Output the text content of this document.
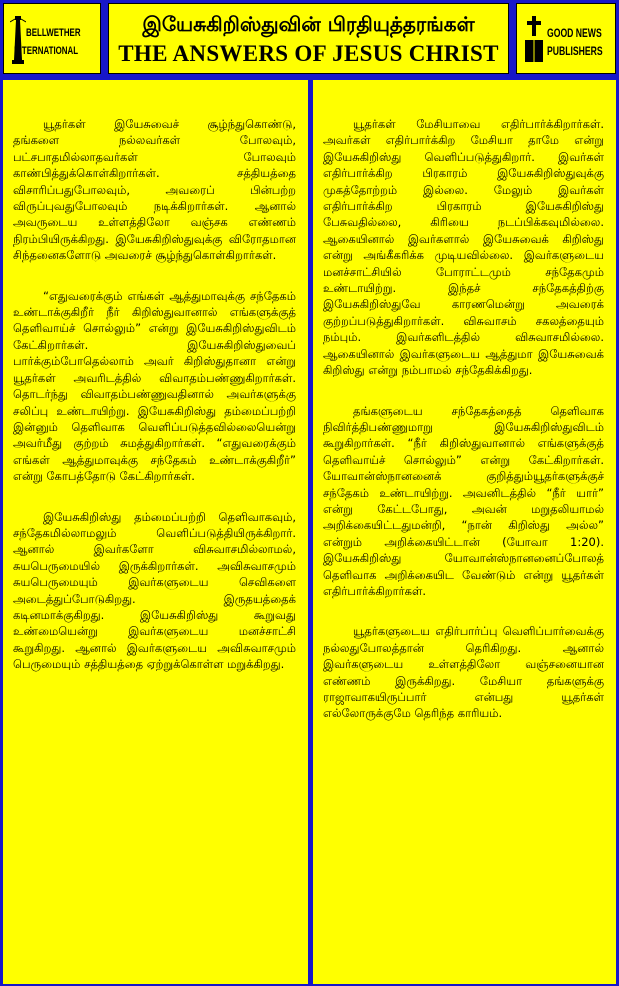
BELLWETHER
INTERNATIONAL
இயேசுகிறிஸ்துவின் பிரதியுத்தரங்கள்
THE ANSWERS OF JESUS CHRIST
GOOD NEWS
PUBLISHERS

யூதர்கள் இயேசுவைச் சூழ்ந்துகொண்டு, தங்களை நல்லவர்கள் போலவும், பட்சபாதமில்லாதவர்கள் போலவும் காண்பித்துக்கொள்கிறார்கள். சத்தியத்தை விசாரிப்பதுபோலவும், அவரைப் பின்பற்ற விருப்புவதுபோலவும் நடிக்கிறார்கள். ஆனால் அவருடைய உள்ளத்திலோ வஞ்சக எண்ணம் நிரம்பியிருக்கிறது. இயேசுகிறிஸ்துவுக்கு விரோதமான சிந்தனைகளோடு அவரைச் சூழ்ந்துகொள்கிறார்கள்.

“எதுவரைக்கும் எங்கள் ஆத்துமாவுக்கு சந்தேகம் உண்டாக்குகிறீர் நீர் கிறிஸ்துவானால் எங்களுக்குத் தெளிவாய்ச் சொல்லும்” என்று இயேசுகிறிஸ்துவிடம் கேட்கிறார்கள். இயேசுகிறிஸ்துவைப் பார்க்கும்போதெல்லாம் அவர் கிறிஸ்துதானா என்று யூதர்கள் அவரிடத்தில் விவாதம்பண்ணுகிறார்கள். தொடர்ந்து விவாதம்பண்ணுவதினால் அவர்களுக்கு சலிப்பு உண்டாயிற்று. இயேசுகிறிஸ்து தம்மைப்பற்றி இன்னும் தெளிவாக வெளிப்படுத்தவில்லையென்று அவர்மீது குற்றம் சுமத்துகிறார்கள். “எதுவரைக்கும் எங்கள் ஆத்துமாவுக்கு சந்தேகம் உண்டாக்குகிறீர்” என்று கோபத்தோடு கேட்கிறார்கள்.

இயேசுகிறிஸ்து தம்மைப்பற்றி தெளிவாகவும், சந்தேகமில்லாமலும் வெளிப்படுத்தியிருக்கிறார். ஆனால் இவர்களோ விசுவாசமில்லாமல், சுயபெருமையில் இருக்கிறார்கள். அவிசுவாசமும் சுயபெருமையும் இவர்களுடைய செவிகளை அடைத்துப்போடுகிறது. இருதயத்தைக் கடினமாக்குகிறது. இயேசுகிறிஸ்து கூறுவது உண்மையென்று இவர்களுடைய மனச்சாட்சி கூறுகிறது. ஆனால் இவர்களுடைய அவிசுவாசமும் பெருமையும் சத்தியத்தை ஏற்றுக்கொள்ள மறுக்கிறது.

யூதர்கள் மேசியாவை எதிர்பார்க்கிறார்கள். அவர்கள் எதிர்பார்க்கிற மேசியா தாமே என்று இயேசுகிறிஸ்து வெளிப்படுத்துகிறார். இவர்கள் எதிர்பார்க்கிற பிரகாரம் இயேசுகிறிஸ்துவுக்கு முகத்தோற்றம் இல்லை. மேலும் இவர்கள் எதிர்பார்க்கிற பிரகாரம் இயேசுகிறிஸ்து பேசுவதில்லை, கிரியை நடப்பிக்கவுமில்லை. ஆகையினால் இவர்களால் இயேசுவைக் கிறிஸ்து என்று அங்கீகரிக்க முடியவில்லை. இவர்களுடைய மனச்சாட்சியில் போராட்டமும் சந்தேகமும் உண்டாயிற்று. இந்தச் சந்தேகத்திற்கு இயேசுகிறிஸ்துவே காரணமென்று அவரைக் குற்றப்படுத்துகிறார்கள். விசுவாசம் சகலத்தையும் நம்பும். இவர்களிடத்தில் விசுவாசமில்லை. ஆகையினால் இவர்களுடைய ஆத்துமா இயேசுவைக் கிறிஸ்து என்று நம்பாமல் சந்தேகிக்கிறது.

தங்களுடைய சந்தேகத்தைத் தெளிவாக நிவிர்த்திபண்ணுமாறு இயேசுகிறிஸ்துவிடம் கூறுகிறார்கள். “நீர் கிறிஸ்துவானால் எங்களுக்குத் தெளிவாய்ச் சொல்லும்” என்று கேட்கிறார்கள். யோவான்ஸ்நானனைக் குறித்தும்யூதர்களுக்குச் சந்தேகம் உண்டாயிற்று. அவனிடத்தில் “நீர் யார்” என்று கேட்டபோது, அவன் மறுதலியாமல் அறிக்கையிட்டதுமன்றி, “நான் கிறிஸ்து அல்ல” என்றும் அறிக்கையிட்டான் (யோவா 1:20). இயேசுகிறிஸ்து யோவான்ஸ்நானனைப்போலத் தெளிவாக அறிக்கையிட வேண்டும் என்று யூதர்கள் எதிர்பார்க்கிறார்கள்.

யூதர்களுடைய எதிர்பார்ப்பு வெளிப்பார்வைக்கு நல்லதுபோலத்தான் தெரிகிறது. ஆனால் இவர்களுடைய உள்ளத்திலோ வஞ்சனையான எண்ணம் இருக்கிறது. மேசியா தங்களுக்கு ராஜாவாகயிருப்பார் என்பது யூதர்கள் எல்லோருக்குமே தெரிந்த காரியம்.
